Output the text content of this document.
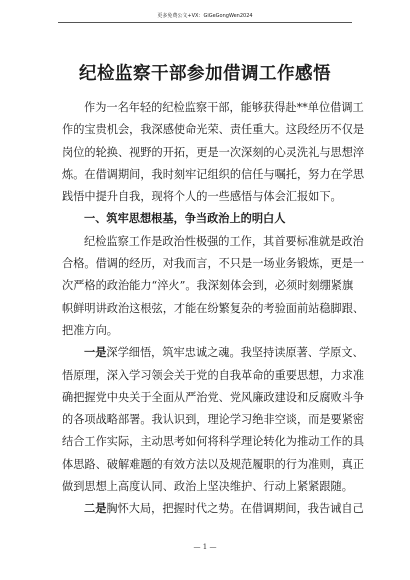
更多免费公文+VX：GiGeGongWen2024
纪检监察干部参加借调工作感悟

作为一名年轻的纪检监察干部，能够获得赴**单位借调工
作的宝贵机会，我深感使命光荣、责任重大。这段经历不仅是
岗位的轮换、视野的开拓，更是一次深刻的心灵洗礼与思想淬
炼。在借调期间，我时刻牢记组织的信任与嘱托，努力在学思
践悟中提升自我，现将个人的一些感悟与体会汇报如下。

一、筑牢思想根基，争当政治上的明白人

纪检监察工作是政治性极强的工作，其首要标准就是政治
合格。借调的经历，对我而言，不只是一场业务锻炼，更是一
次严格的政治能力“淬火”。我深刻体会到，必须时刻绷紧旗
帜鲜明讲政治这根弦，才能在纷繁复杂的考验面前站稳脚跟、
把准方向。

一是深学细悟，筑牢忠诚之魂。我坚持读原著、学原文、
悟原理，深入学习领会关于党的自我革命的重要思想，力求准
确把握党中央关于全面从严治党、党风廉政建设和反腐败斗争
的各项战略部署。我认识到，理论学习绝非空谈，而是要紧密
结合工作实际，主动思考如何将科学理论转化为推动工作的具
体思路、破解难题的有效方法以及规范履职的行为准则，真正
做到思想上高度认同、政治上坚决维护、行动上紧紧跟随。

二是胸怀大局，把握时代之势。在借调期间，我告诫自己

— 1 —
